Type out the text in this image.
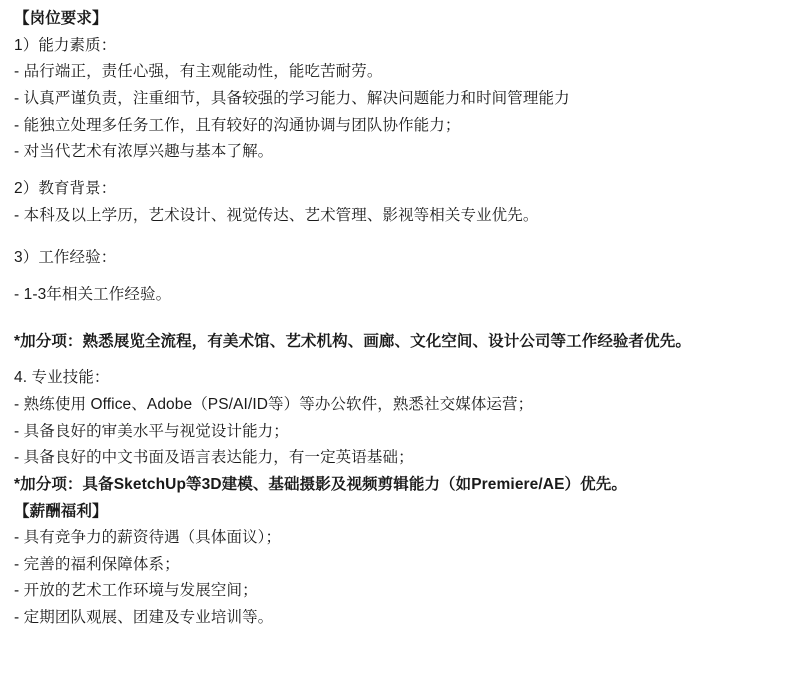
【岗位要求】
1）能力素质：
- 品行端正，责任心强，有主观能动性，能吃苦耐劳。
- 认真严谨负责，注重细节，具备较强的学习能力、解决问题能力和时间管理能力
- 能独立处理多任务工作，且有较好的沟通协调与团队协作能力；
- 对当代艺术有浓厚兴趣与基本了解。
2）教育背景：
- 本科及以上学历，艺术设计、视觉传达、艺术管理、影视等相关专业优先。
3）工作经验：
- 1-3年相关工作经验。
*加分项：熟悉展览全流程，有美术馆、艺术机构、画廊、文化空间、设计公司等工作经验者优先。
4. 专业技能：
- 熟练使用 Office、Adobe（PS/AI/ID等）等办公软件，熟悉社交媒体运营；
- 具备良好的审美水平与视觉设计能力；
- 具备良好的中文书面及语言表达能力，有一定英语基础；
*加分项：具备SketchUp等3D建模、基础摄影及视频剪辑能力（如Premiere/AE）优先。
【薪酬福利】
- 具有竞争力的薪资待遇（具体面议）；
- 完善的福利保障体系；
- 开放的艺术工作环境与发展空间；
- 定期团队观展、团建及专业培训等。
